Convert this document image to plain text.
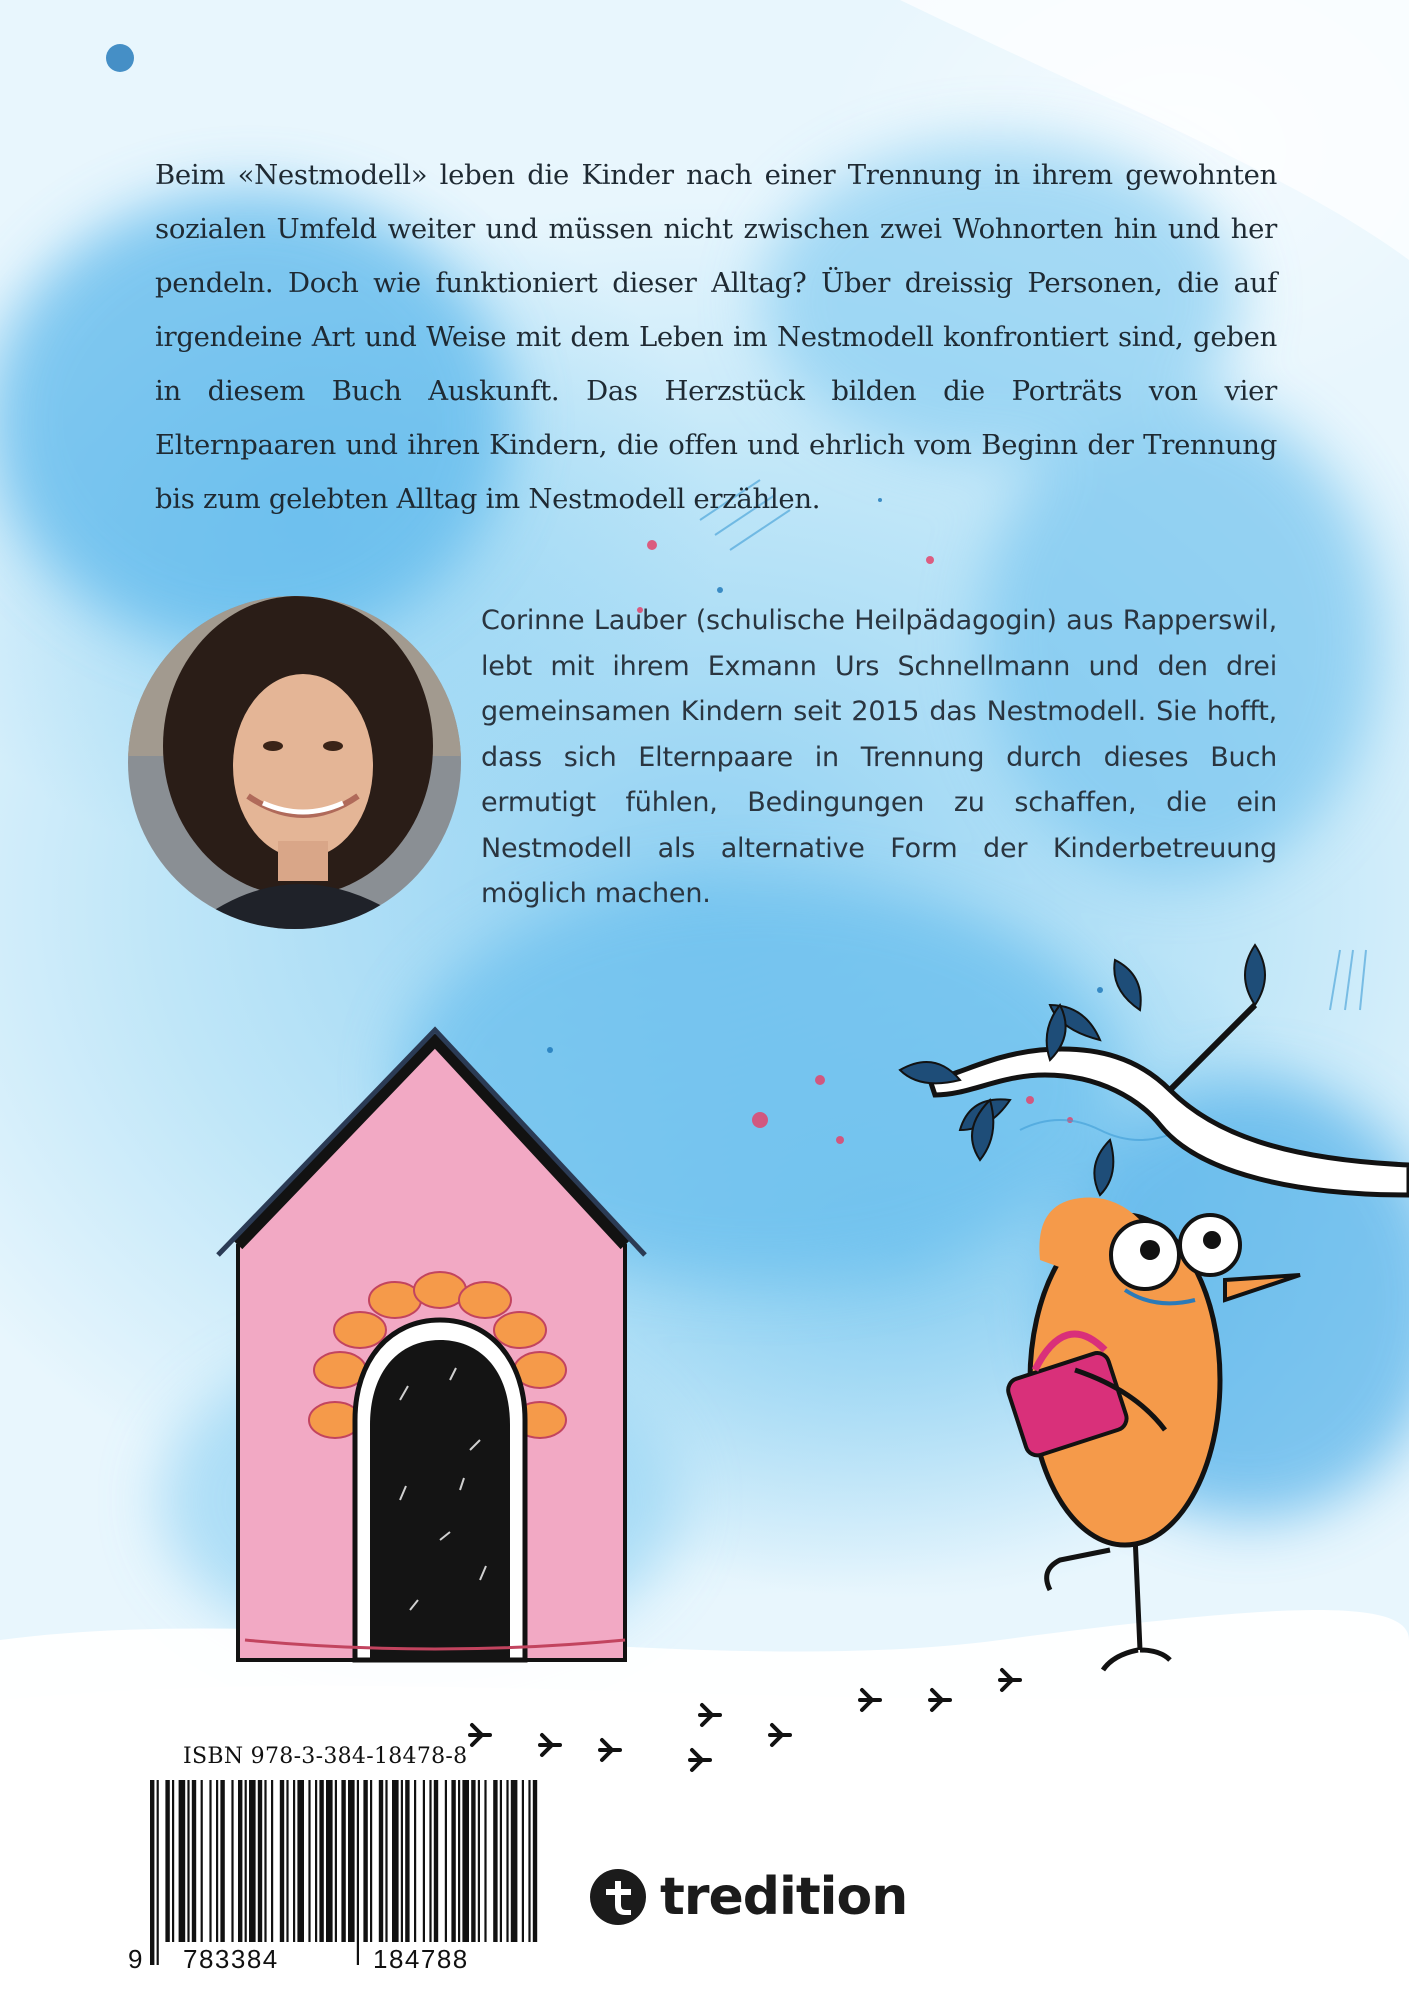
Beim «Nestmodell» leben die Kinder nach einer Trennung in ihrem gewohnten sozialen Umfeld weiter und müssen nicht zwischen zwei Wohnorten hin und her pendeln. Doch wie funktioniert dieser Alltag? Über dreissig Personen, die auf irgendeine Art und Weise mit dem Leben im Nestmodell konfrontiert sind, geben in diesem Buch Auskunft. Das Herzstück bilden die Porträts von vier Elternpaaren und ihren Kindern, die offen und ehrlich vom Beginn der Trennung bis zum gelebten Alltag im Nestmodell erzählen.

Corinne Lauber (schulische Heilpädagogin) aus Rapperswil, lebt mit ihrem Exmann Urs Schnellmann und den drei gemeinsamen Kindern seit 2015 das Nestmodell. Sie hofft, dass sich Elternpaare in Trennung durch dieses Buch ermutigt fühlen, Bedingungen zu schaffen, die ein Nestmodell als alternative Form der Kinderbetreuung möglich machen.

ISBN 978-3-384-18478-8
9 783384	184788
tredition
